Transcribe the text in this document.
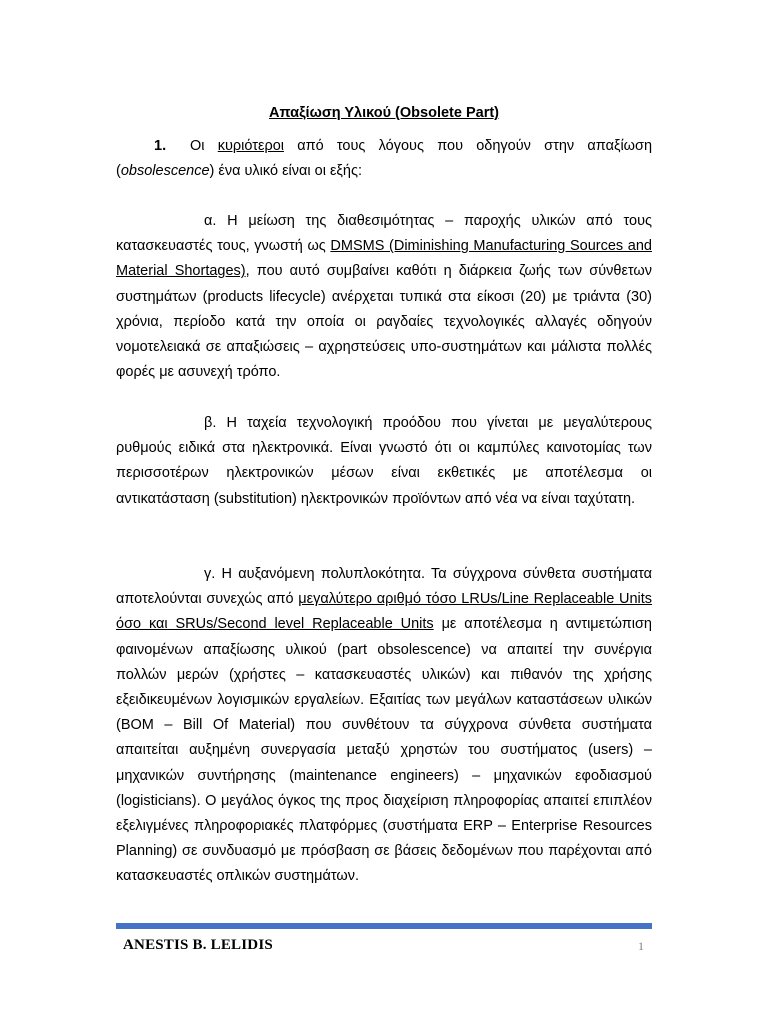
Απαξίωση Υλικού (Obsolete Part)
1. Οι κυριότεροι από τους λόγους που οδηγούν στην απαξίωση (obsolescence) ένα υλικό είναι οι εξής:
α. Η μείωση της διαθεσιμότητας – παροχής υλικών από τους κατασκευαστές τους, γνωστή ως DMSMS (Diminishing Manufacturing Sources and Material Shortages), που αυτό συμβαίνει καθότι η διάρκεια ζωής των σύνθετων συστημάτων (products lifecycle) ανέρχεται τυπικά στα είκοσι (20) με τριάντα (30) χρόνια, περίοδο κατά την οποία οι ραγδαίες τεχνολογικές αλλαγές οδηγούν νομοτελειακά σε απαξιώσεις – αχρηστεύσεις υπο-συστημάτων και μάλιστα πολλές φορές με ασυνεχή τρόπο.
β. Η ταχεία τεχνολογική προόδου που γίνεται με μεγαλύτερους ρυθμούς ειδικά στα ηλεκτρονικά. Είναι γνωστό ότι οι καμπύλες καινοτομίας των περισσοτέρων ηλεκτρονικών μέσων είναι εκθετικές με αποτέλεσμα οι αντικατάσταση (substitution) ηλεκτρονικών προϊόντων από νέα να είναι ταχύτατη.
γ. Η αυξανόμενη πολυπλοκότητα. Τα σύγχρονα σύνθετα συστήματα αποτελούνται συνεχώς από μεγαλύτερο αριθμό τόσο LRUs/Line Replaceable Units όσο και SRUs/Second level Replaceable Units με αποτέλεσμα η αντιμετώπιση φαινομένων απαξίωσης υλικού (part obsolescence) να απαιτεί την συνέργια πολλών μερών (χρήστες – κατασκευαστές υλικών) και πιθανόν της χρήσης εξειδικευμένων λογισμικών εργαλείων. Εξαιτίας των μεγάλων καταστάσεων υλικών (BOM – Bill Of Material) που συνθέτουν τα σύγχρονα σύνθετα συστήματα απαιτείται αυξημένη συνεργασία μεταξύ χρηστών του συστήματος (users) – μηχανικών συντήρησης (maintenance engineers) – μηχανικών εφοδιασμού (logisticians). Ο μεγάλος όγκος της προς διαχείριση πληροφορίας απαιτεί επιπλέον εξελιγμένες πληροφοριακές πλατφόρμες (συστήματα ERP – Enterprise Resources Planning) σε συνδυασμό με πρόσβαση σε βάσεις δεδομένων που παρέχονται από κατασκευαστές οπλικών συστημάτων.
ANESTIS B. LELIDIS	1
